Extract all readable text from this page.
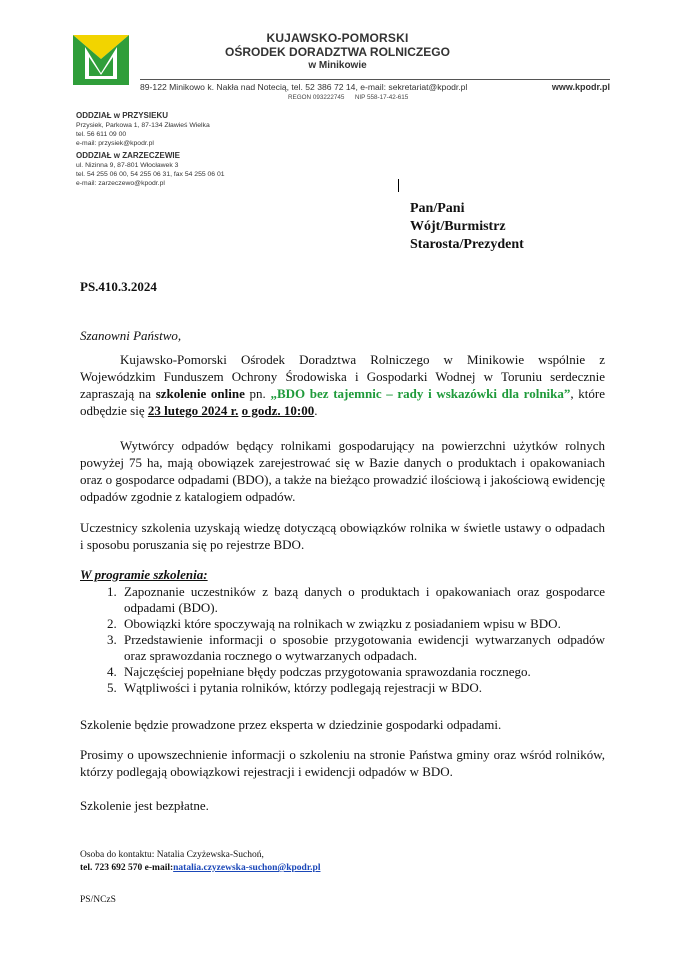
KUJAWSKO-POMORSKI
OŚRODEK DORADZTWA ROLNICZEGO
w Minikowie
89-122 Minikowo k. Nakła nad Notecią, tel. 52 386 72 14, e-mail: sekretariat@kpodr.pl	www.kpodr.pl
REGON 093222745 NIP 558-17-42-615
ODDZIAŁ w PRZYSIEKU
Przysiek, Parkowa 1, 87-134 Zławieś Wielka
tel. 56 611 09 00
e-mail: przysiek@kpodr.pl
ODDZIAŁ w ZARZECZEWIE
ul. Nizinna 9, 87-801 Włocławek 3
tel. 54 255 06 00, 54 255 06 31, fax 54 255 06 01
e-mail: zarzeczewo@kpodr.pl
Pan/Pani
Wójt/Burmistrz
Starosta/Prezydent
PS.410.3.2024
Szanowni Państwo,
Kujawsko-Pomorski Ośrodek Doradztwa Rolniczego w Minikowie wspólnie z Wojewódzkim Funduszem Ochrony Środowiska i Gospodarki Wodnej w Toruniu serdecznie zapraszają na szkolenie online pn. „BDO bez tajemnic – rady i wskazówki dla rolnika”, które odbędzie się 23 lutego 2024 r. o godz. 10:00.
Wytwórcy odpadów będący rolnikami gospodarujący na powierzchni użytków rolnych powyżej 75 ha, mają obowiązek zarejestrować się w Bazie danych o produktach i opakowaniach oraz o gospodarce odpadami (BDO), a także na bieżąco prowadzić ilościową i jakościową ewidencję odpadów zgodnie z katalogiem odpadów.
Uczestnicy szkolenia uzyskają wiedzę dotyczącą obowiązków rolnika w świetle ustawy o odpadach i sposobu poruszania się po rejestrze BDO.
W programie szkolenia:
1. Zapoznanie uczestników z bazą danych o produktach i opakowaniach oraz gospodarce odpadami (BDO).
2. Obowiązki które spoczywają na rolnikach w związku z posiadaniem wpisu w BDO.
3. Przedstawienie informacji o sposobie przygotowania ewidencji wytwarzanych odpadów oraz sprawozdania rocznego o wytwarzanych odpadach.
4. Najczęściej popełniane błędy podczas przygotowania sprawozdania rocznego.
5. Wątpliwości i pytania rolników, którzy podlegają rejestracji w BDO.
Szkolenie będzie prowadzone przez eksperta w dziedzinie gospodarki odpadami.
Prosimy o upowszechnienie informacji o szkoleniu na stronie Państwa gminy oraz wśród rolników, którzy podlegają obowiązkowi rejestracji i ewidencji odpadów w BDO.
Szkolenie jest bezpłatne.
Osoba do kontaktu: Natalia Czyżewska-Suchoń,
tel. 723 692 570 e-mail:natalia.czyzewska-suchon@kpodr.pl
PS/NCzS
